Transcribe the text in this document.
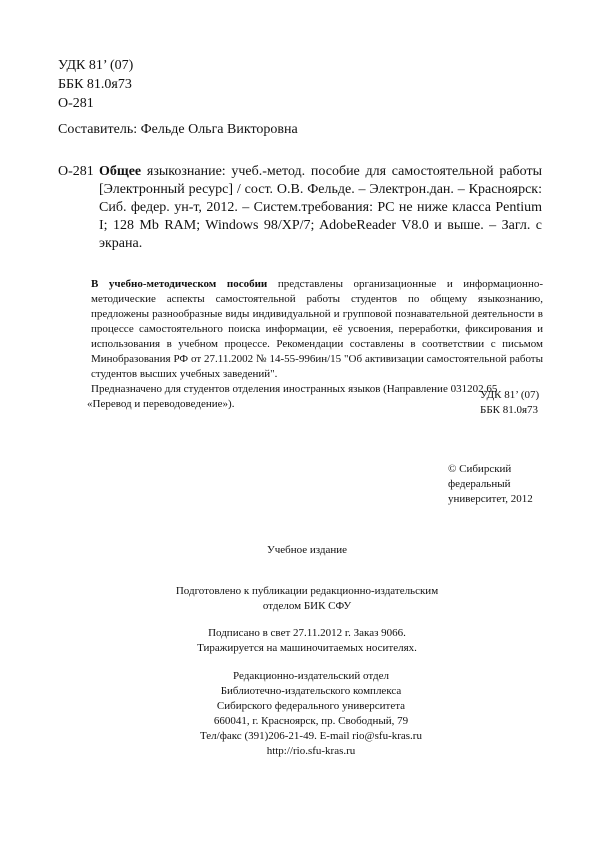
УДК 81’ (07)
ББК 81.0я73
О-281
Составитель: Фельде Ольга Викторовна
О-281 Общее языкознание: учеб.-метод. пособие для самостоятельной работы [Электронный ресурс] / сост. О.В. Фельде. – Электрон.дан. – Красноярск: Сиб. федер. ун-т, 2012. – Систем.требования: PC не ниже класса Pentium I; 128 Mb RAM; Windows 98/XP/7; AdobeReader V8.0 и выше. – Загл. с экрана.

В учебно-методическом пособии представлены организационные и информационно-методические аспекты самостоятельной работы студентов по общему языкознанию, предложены разнообразные виды индивидуальной и групповой познавательной деятельности в процессе самостоятельного поиска информации, её усвоения, переработки, фиксирования и использования в учебном процессе. Рекомендации составлены в соответствии с письмом Минобразования РФ от 27.11.2002 № 14-55-996ин/15 "Об активизации самостоятельной работы студентов высших учебных заведений".

Предназначено для студентов отделения иностранных языков (Направление 031202.65
«Перевод и переводоведение»).
УДК 81’ (07)
ББК 81.0я73
© Сибирский
федеральный
университет, 2012
Учебное издание
Подготовлено к публикации редакционно-издательским
отделом БИК СФУ
Подписано в свет 27.11.2012 г. Заказ 9066.
Тиражируется на машиночитаемых носителях.
Редакционно-издательский отдел
Библиотечно-издательского комплекса
Сибирского федерального университета
660041, г. Красноярск, пр. Свободный, 79
Тел/факс (391)206-21-49. E-mail rio@sfu-kras.ru
http://rio.sfu-kras.ru
